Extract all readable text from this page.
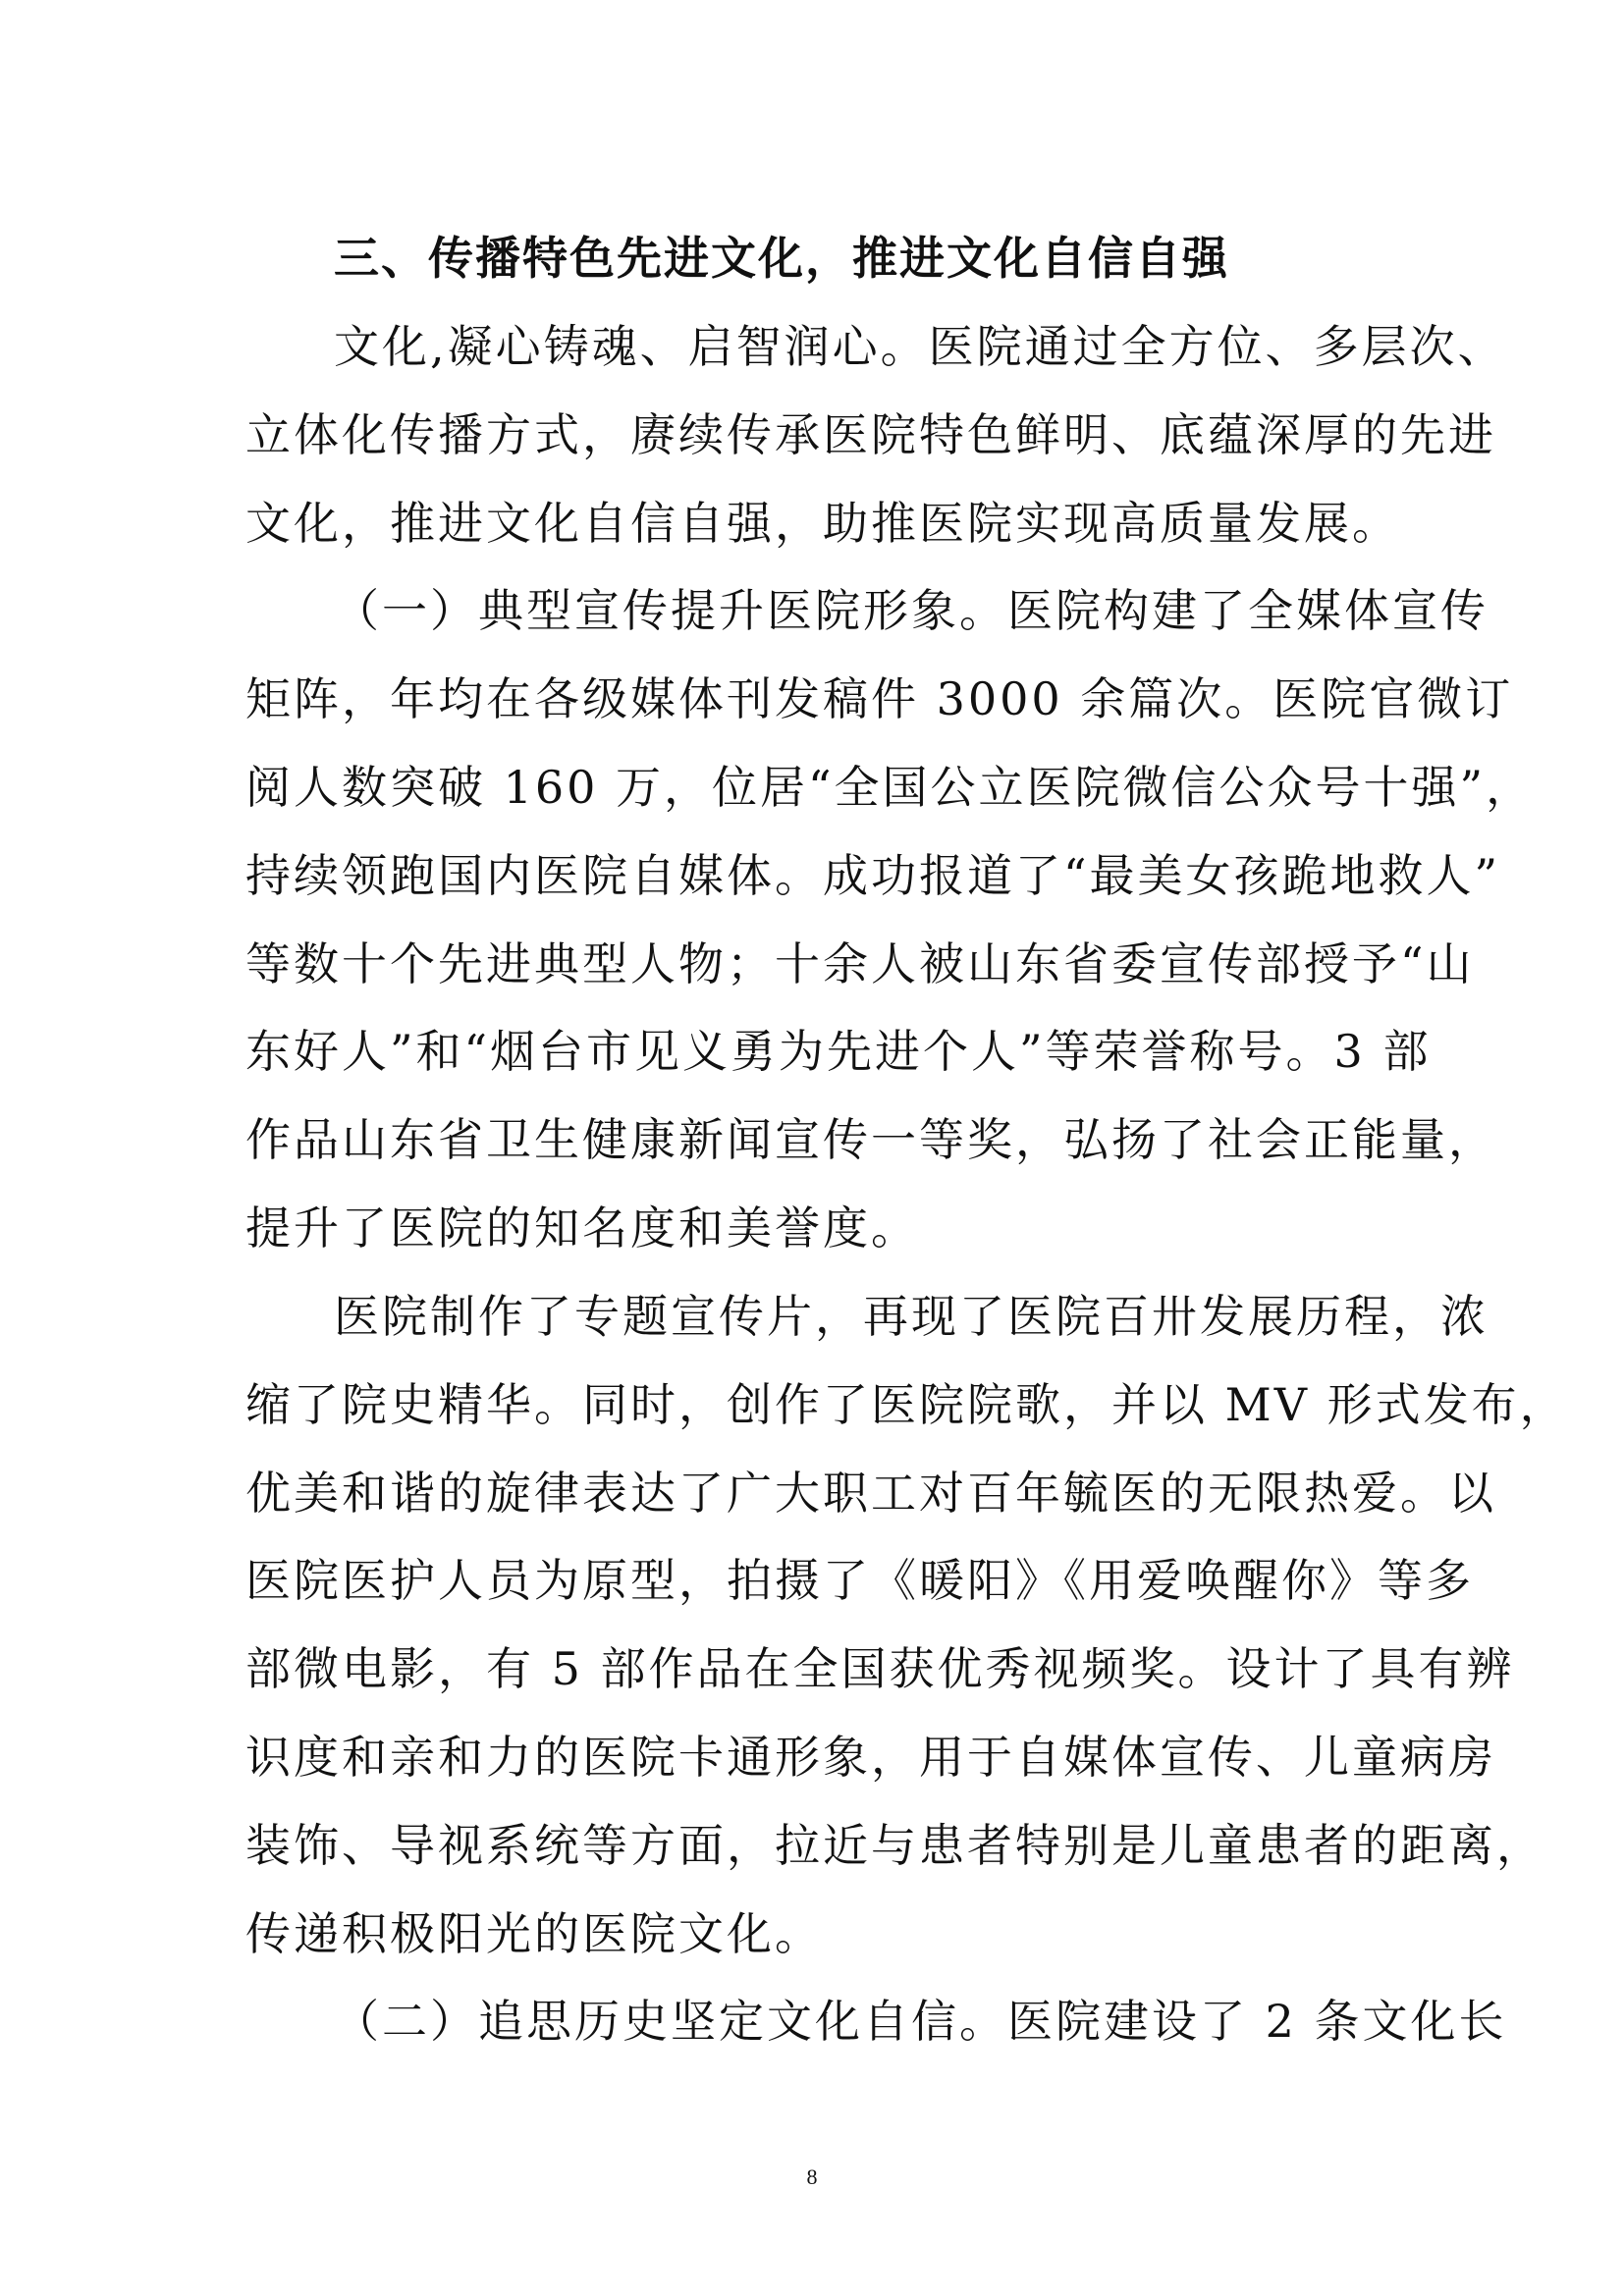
三、传播特色先进文化，推进文化自信自强

文化,凝心铸魂、启智润心。医院通过全方位、多层次、

立体化传播方式，赓续传承医院特色鲜明、底蕴深厚的先进

文化，推进文化自信自强，助推医院实现高质量发展。

（一）典型宣传提升医院形象。医院构建了全媒体宣传

矩阵，年均在各级媒体刊发稿件 3000 余篇次。医院官微订

阅人数突破 160 万，位居“全国公立医院微信公众号十强”，

持续领跑国内医院自媒体。成功报道了“最美女孩跪地救人”

等数十个先进典型人物；十余人被山东省委宣传部授予“山

东好人”和“烟台市见义勇为先进个人”等荣誉称号。3 部

作品山东省卫生健康新闻宣传一等奖，弘扬了社会正能量，

提升了医院的知名度和美誉度。

医院制作了专题宣传片，再现了医院百卅发展历程，浓

缩了院史精华。同时，创作了医院院歌，并以 MV 形式发布，

优美和谐的旋律表达了广大职工对百年毓医的无限热爱。以

医院医护人员为原型，拍摄了《暖阳》《用爱唤醒你》等多

部微电影，有 5 部作品在全国获优秀视频奖。设计了具有辨

识度和亲和力的医院卡通形象，用于自媒体宣传、儿童病房

装饰、导视系统等方面，拉近与患者特别是儿童患者的距离，

传递积极阳光的医院文化。

（二）追思历史坚定文化自信。医院建设了 2 条文化长

8
